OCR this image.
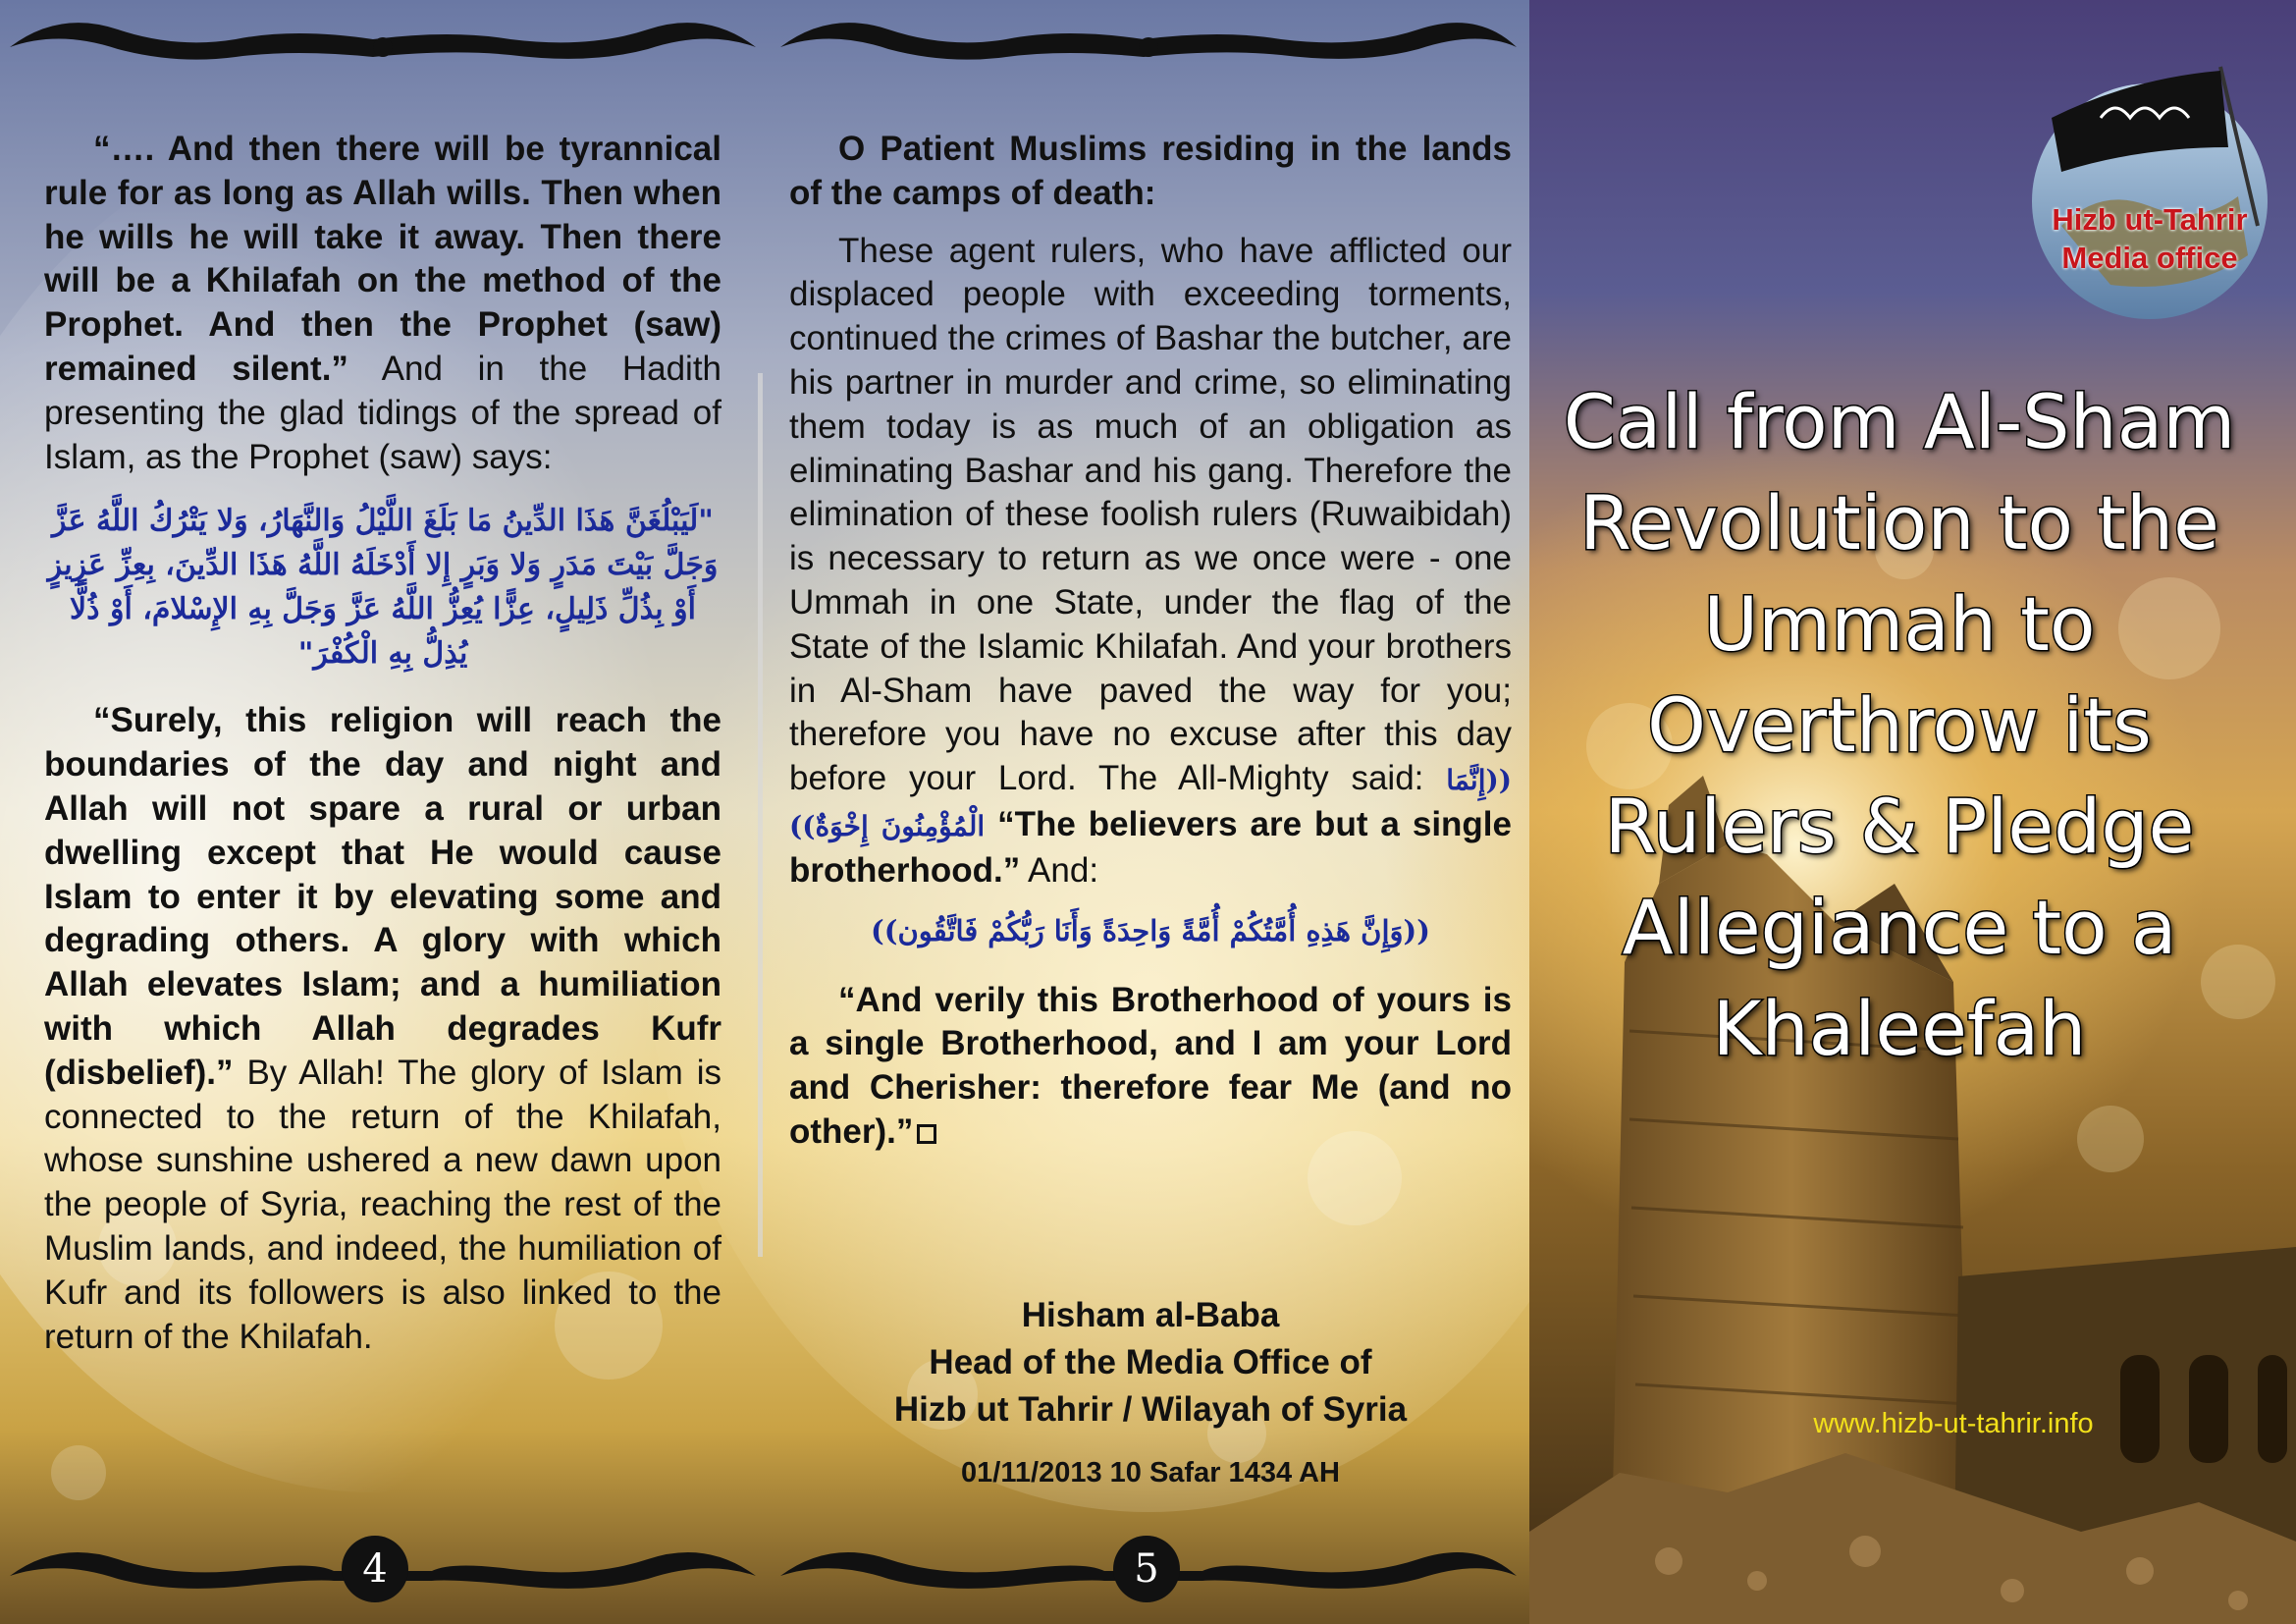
“…. And then there will be tyrannical rule for as long as Allah wills. Then when he wills he will take it away. Then there will be a Khilafah on the method of the Prophet. And then the Prophet (saw) remained silent.” And in the Hadith presenting the glad tidings of the spread of Islam, as the Prophet (saw) says:

"لَيَبْلُغَنَّ هَذَا الدِّينُ مَا بَلَغَ اللَّيْلُ وَالنَّهَارُ، وَلا يَتْرُكُ اللَّهُ عَزَّ وَجَلَّ بَيْتَ مَدَرٍ وَلا وَبَرٍ إِلا أَدْخَلَهُ اللَّهُ هَذَا الدِّينَ، بِعِزِّ عَزِيزٍ أَوْ بِذُلِّ ذَلِيلٍ، عِزًّا يُعِزُّ اللَّهُ عَزَّ وَجَلَّ بِهِ الإِسْلامَ، أَوْ ذُلًّا يُذِلُّ بِهِ الْكُفْرَ"

“Surely, this religion will reach the boundaries of the day and night and Allah will not spare a rural or urban dwelling except that He would cause Islam to enter it by elevating some and degrading others. A glory with which Allah elevates Islam; and a humiliation with which Allah degrades Kufr (disbelief).” By Allah! The glory of Islam is connected to the return of the Khilafah, whose sunshine ushered a new dawn upon the people of Syria, reaching the rest of the Muslim lands, and indeed, the humiliation of Kufr and its followers is also linked to the return of the Khilafah.

4

O Patient Muslims residing in the lands of the camps of death:

These agent rulers, who have afflicted our displaced people with exceeding torments, continued the crimes of Bashar the butcher, are his partner in murder and crime, so eliminating them today is as much of an obligation as eliminating Bashar and his gang. Therefore the elimination of these foolish rulers (Ruwaibidah) is necessary to return as we once were - one Ummah in one State, under the flag of the State of the Islamic Khilafah. And your brothers in Al-Sham have paved the way for you; therefore you have no excuse after this day before your Lord. The All-Mighty said: ((إِنَّمَا الْمُؤْمِنُونَ إِخْوَةٌ)) “The believers are but a single brotherhood.” And:

((وَإِنَّ هَذِهِ أُمَّتُكُمْ أُمَّةً وَاحِدَةً وَأَنَا رَبُّكُمْ فَاتَّقُون))

“And verily this Brotherhood of yours is a single Brotherhood, and I am your Lord and Cherisher: therefore fear Me (and no other).”

Hisham al-Baba
Head of the Media Office of
Hizb ut Tahrir / Wilayah of Syria
01/11/2013 10 Safar 1434 AH
5
Hizb ut-Tahrir
Media office
Call from Al-Sham Revolution to the Ummah to Overthrow its Rulers & Pledge Allegiance to a Khaleefah
www.hizb-ut-tahrir.info
